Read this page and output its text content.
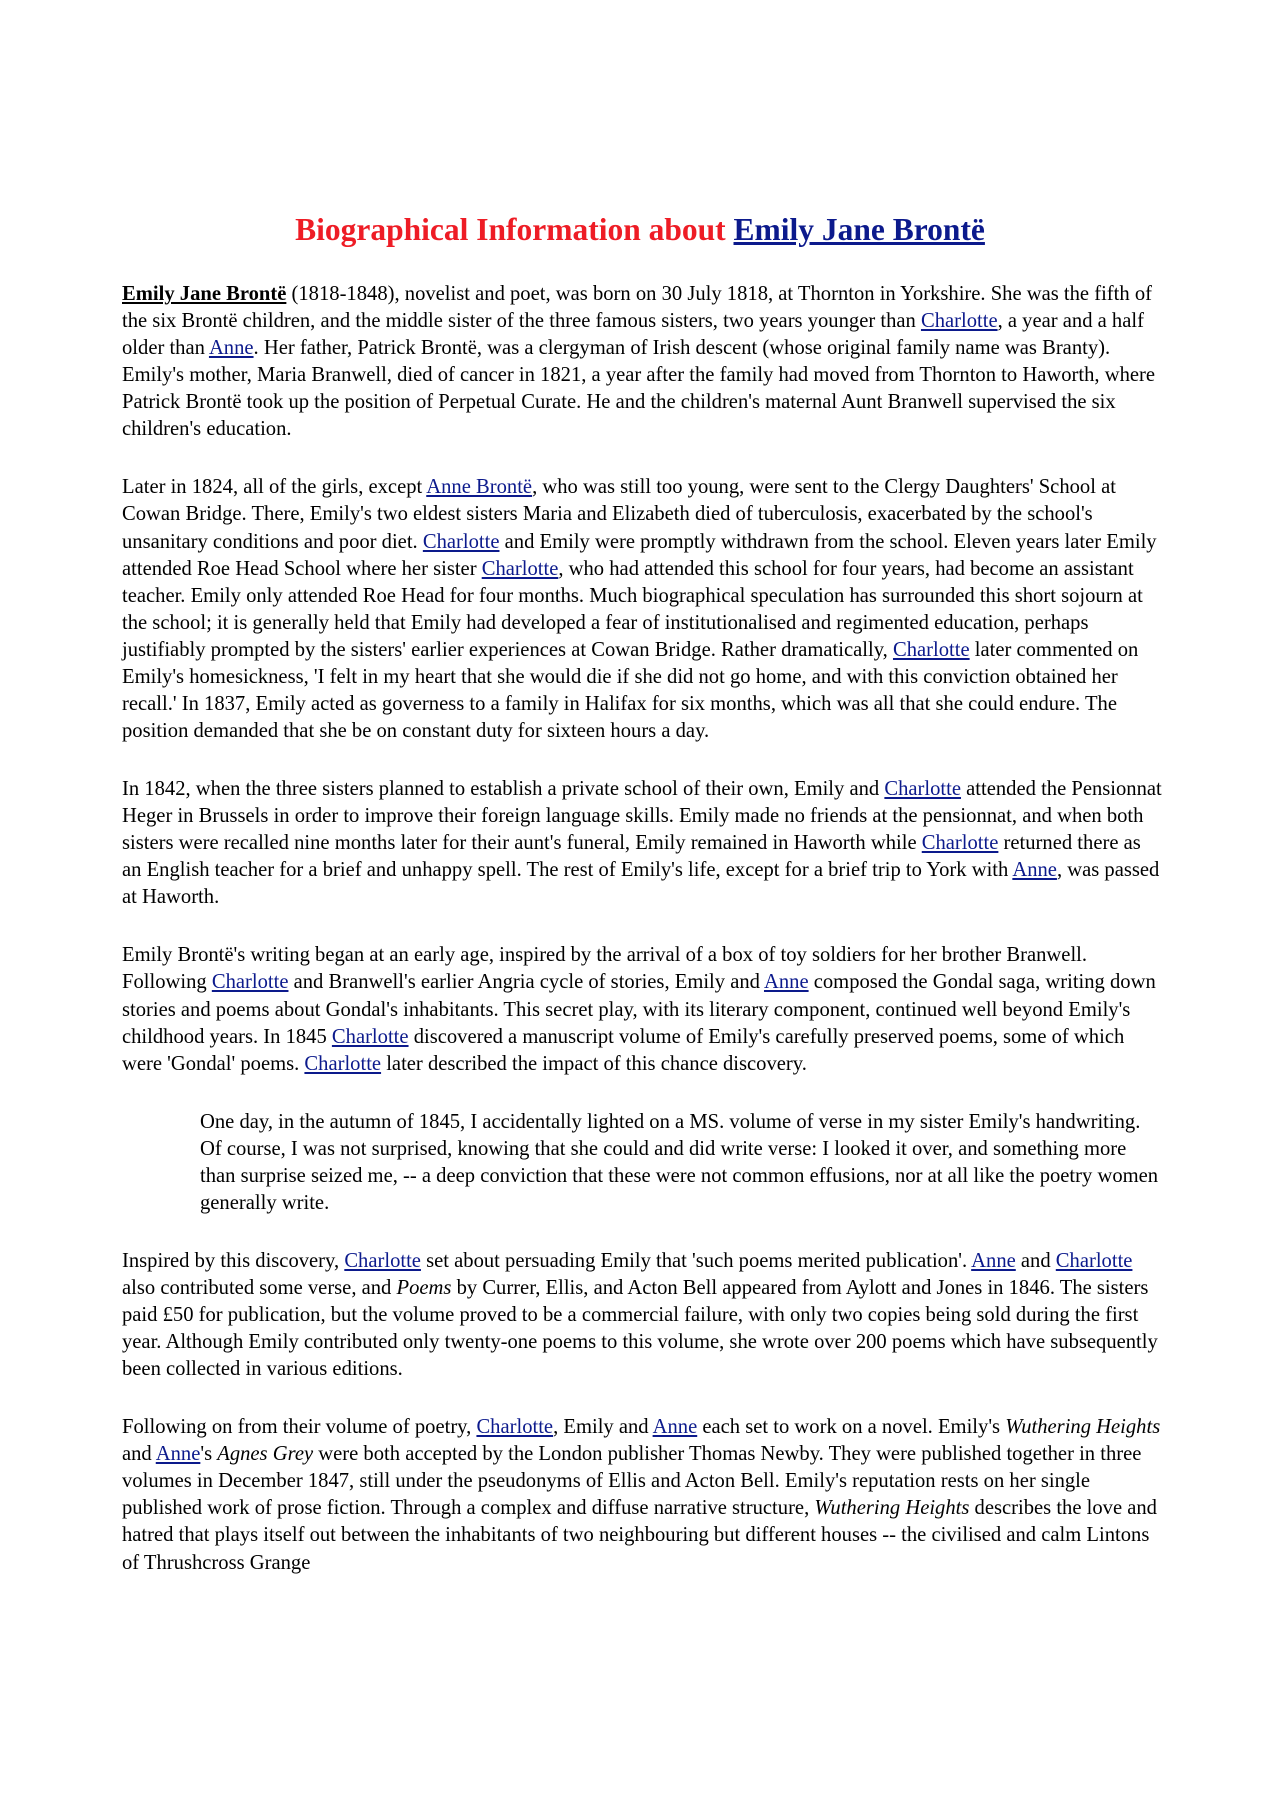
Biographical Information about Emily Jane Brontë

Emily Jane Brontë (1818-1848), novelist and poet, was born on 30 July 1818, at Thornton in Yorkshire. She was the fifth of the six Brontë children, and the middle sister of the three famous sisters, two years younger than Charlotte, a year and a half older than Anne. Her father, Patrick Brontë, was a clergyman of Irish descent (whose original family name was Branty). Emily's mother, Maria Branwell, died of cancer in 1821, a year after the family had moved from Thornton to Haworth, where Patrick Brontë took up the position of Perpetual Curate. He and the children's maternal Aunt Branwell supervised the six children's education.

Later in 1824, all of the girls, except Anne Brontë, who was still too young, were sent to the Clergy Daughters' School at Cowan Bridge. There, Emily's two eldest sisters Maria and Elizabeth died of tuberculosis, exacerbated by the school's unsanitary conditions and poor diet. Charlotte and Emily were promptly withdrawn from the school. Eleven years later Emily attended Roe Head School where her sister Charlotte, who had attended this school for four years, had become an assistant teacher. Emily only attended Roe Head for four months. Much biographical speculation has surrounded this short sojourn at the school; it is generally held that Emily had developed a fear of institutionalised and regimented education, perhaps justifiably prompted by the sisters' earlier experiences at Cowan Bridge. Rather dramatically, Charlotte later commented on Emily's homesickness, 'I felt in my heart that she would die if she did not go home, and with this conviction obtained her recall.' In 1837, Emily acted as governess to a family in Halifax for six months, which was all that she could endure. The position demanded that she be on constant duty for sixteen hours a day.

In 1842, when the three sisters planned to establish a private school of their own, Emily and Charlotte attended the Pensionnat Heger in Brussels in order to improve their foreign language skills. Emily made no friends at the pensionnat, and when both sisters were recalled nine months later for their aunt's funeral, Emily remained in Haworth while Charlotte returned there as an English teacher for a brief and unhappy spell. The rest of Emily's life, except for a brief trip to York with Anne, was passed at Haworth.

Emily Brontë's writing began at an early age, inspired by the arrival of a box of toy soldiers for her brother Branwell. Following Charlotte and Branwell's earlier Angria cycle of stories, Emily and Anne composed the Gondal saga, writing down stories and poems about Gondal's inhabitants. This secret play, with its literary component, continued well beyond Emily's childhood years. In 1845 Charlotte discovered a manuscript volume of Emily's carefully preserved poems, some of which were 'Gondal' poems. Charlotte later described the impact of this chance discovery.

One day, in the autumn of 1845, I accidentally lighted on a MS. volume of verse in my sister Emily's handwriting. Of course, I was not surprised, knowing that she could and did write verse: I looked it over, and something more than surprise seized me, -- a deep conviction that these were not common effusions, nor at all like the poetry women generally write.

Inspired by this discovery, Charlotte set about persuading Emily that 'such poems merited publication'. Anne and Charlotte also contributed some verse, and Poems by Currer, Ellis, and Acton Bell appeared from Aylott and Jones in 1846. The sisters paid £50 for publication, but the volume proved to be a commercial failure, with only two copies being sold during the first year. Although Emily contributed only twenty-one poems to this volume, she wrote over 200 poems which have subsequently been collected in various editions.

Following on from their volume of poetry, Charlotte, Emily and Anne each set to work on a novel. Emily's Wuthering Heights and Anne's Agnes Grey were both accepted by the London publisher Thomas Newby. They were published together in three volumes in December 1847, still under the pseudonyms of Ellis and Acton Bell. Emily's reputation rests on her single published work of prose fiction. Through a complex and diffuse narrative structure, Wuthering Heights describes the love and hatred that plays itself out between the inhabitants of two neighbouring but different houses -- the civilised and calm Lintons of Thrushcross Grange
